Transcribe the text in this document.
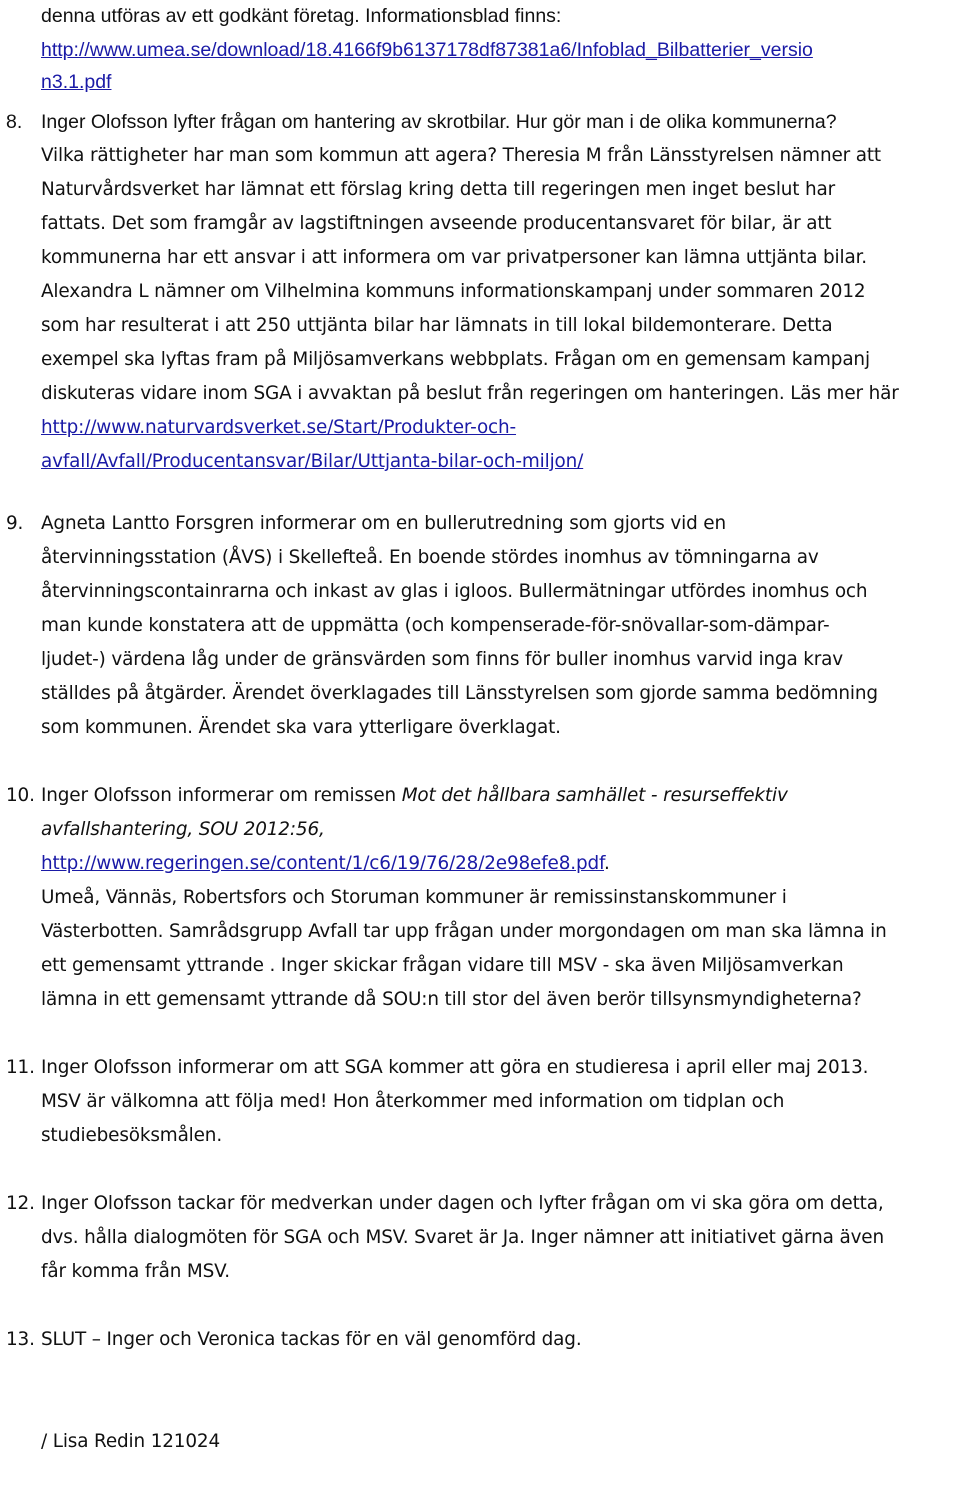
denna utföras av ett godkänt företag. Informationsblad finns:
http://www.umea.se/download/18.4166f9b6137178df87381a6/Infoblad_Bilbatterier_versio
n3.1.pdf
8. Inger Olofsson lyfter frågan om hantering av skrotbilar. Hur gör man i de olika kommunerna?
Vilka rättigheter har man som kommun att agera? Theresia M från Länsstyrelsen nämner att
Naturvårdsverket har lämnat ett förslag kring detta till regeringen men inget beslut har
fattats. Det som framgår av lagstiftningen avseende producentansvaret för bilar, är att
kommunerna har ett ansvar i att informera om var privatpersoner kan lämna uttjänta bilar.
Alexandra L nämner om Vilhelmina kommuns informationskampanj under sommaren 2012
som har resulterat i att 250 uttjänta bilar har lämnats in till lokal bildemonterare. Detta
exempel ska lyftas fram på Miljösamverkans webbplats. Frågan om en gemensam kampanj
diskuteras vidare inom SGA i avvaktan på beslut från regeringen om hanteringen. Läs mer här
http://www.naturvardsverket.se/Start/Produkter-och-
avfall/Avfall/Producentansvar/Bilar/Uttjanta-bilar-och-miljon/
9. Agneta Lantto Forsgren informerar om en bullerutredning som gjorts vid en
återvinningsstation (ÅVS) i Skellefteå. En boende stördes inomhus av tömningarna av
återvinningscontainrarna och inkast av glas i igloos. Bullermätningar utfördes inomhus och
man kunde konstatera att de uppmätta (och kompenserade-för-snövallar-som-dämpar-
ljudet-) värdena låg under de gränsvärden som finns för buller inomhus varvid inga krav
ställdes på åtgärder. Ärendet överklagades till Länsstyrelsen som gjorde samma bedömning
som kommunen. Ärendet ska vara ytterligare överklagat.
10. Inger Olofsson informerar om remissen Mot det hållbara samhället - resurseffektiv
avfallshantering, SOU 2012:56,
http://www.regeringen.se/content/1/c6/19/76/28/2e98efe8.pdf.
Umeå, Vännäs, Robertsfors och Storuman kommuner är remissinstanskommuner i
Västerbotten. Samrådsgrupp Avfall tar upp frågan under morgondagen om man ska lämna in
ett gemensamt yttrande . Inger skickar frågan vidare till MSV - ska även Miljösamverkan
lämna in ett gemensamt yttrande då SOU:n till stor del även berör tillsynsmyndigheterna?
11. Inger Olofsson informerar om att SGA kommer att göra en studieresa i april eller maj 2013.
MSV är välkomna att följa med! Hon återkommer med information om tidplan och
studiebesöksmålen.
12. Inger Olofsson tackar för medverkan under dagen och lyfter frågan om vi ska göra om detta,
dvs. hålla dialogmöten för SGA och MSV. Svaret är Ja. Inger nämner att initiativet gärna även
får komma från MSV.
13. SLUT – Inger och Veronica tackas för en väl genomförd dag.
/ Lisa Redin 121024
